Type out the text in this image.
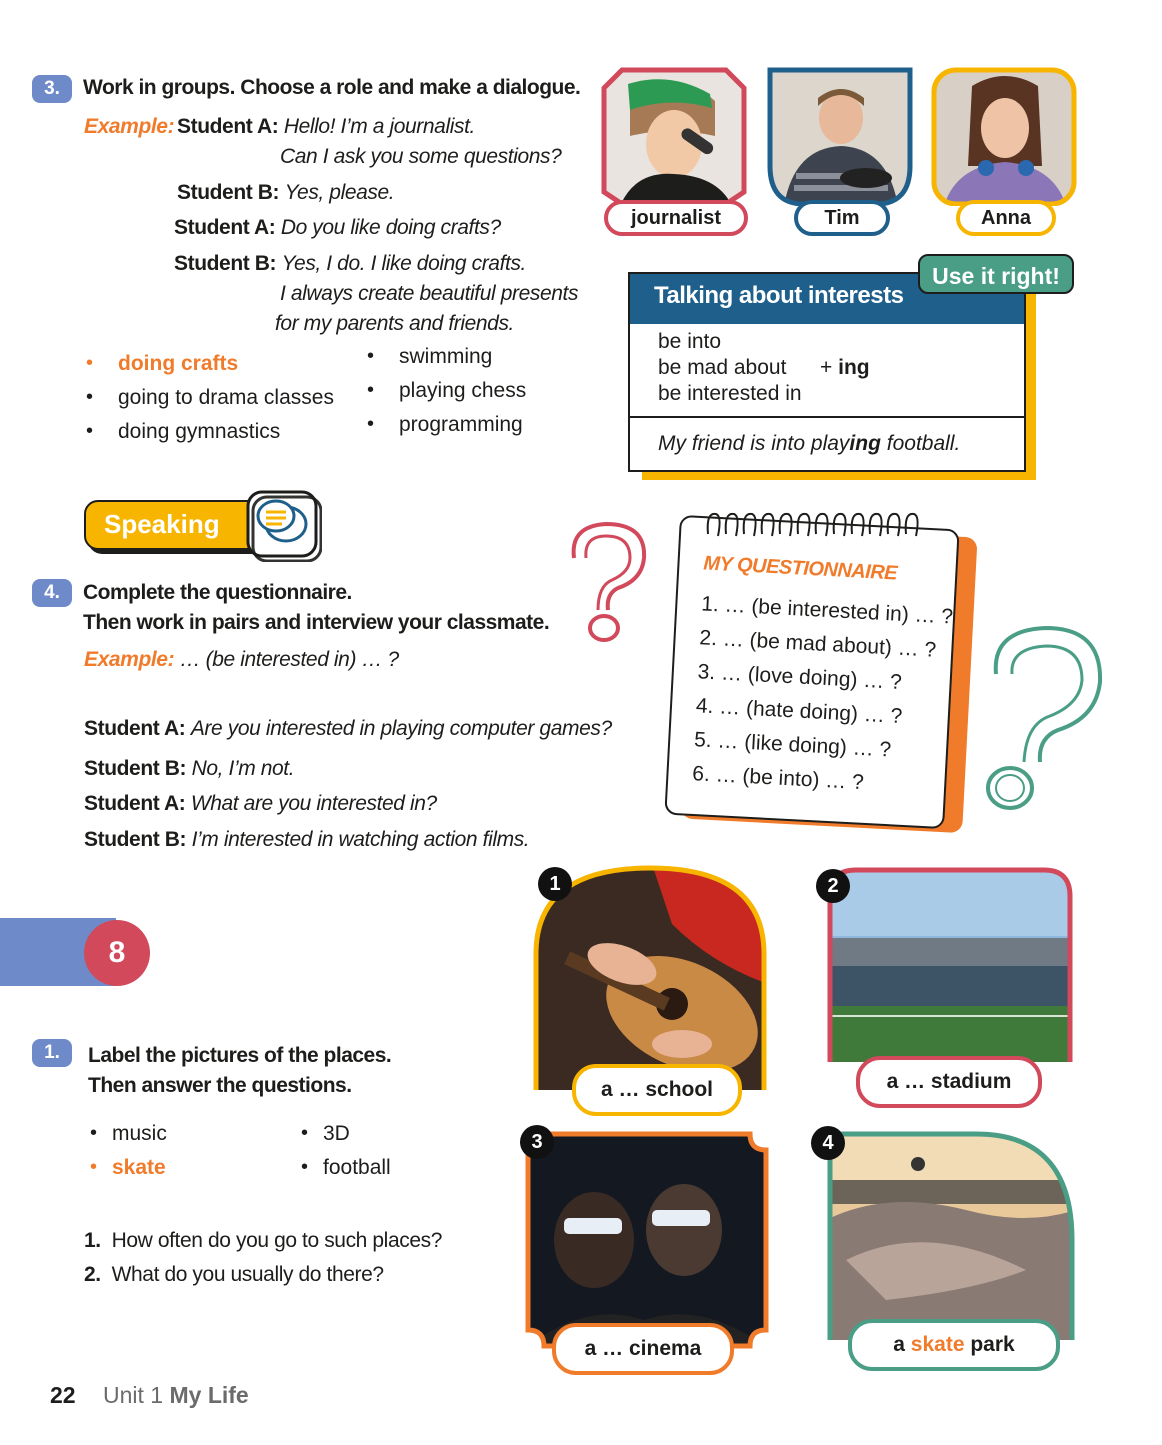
3.	Work in groups. Choose a role and make a dialogue.
Example: Student A: Hello! I’m a journalist.
Can I ask you some questions?
Student B: Yes, please.
Student A: Do you like doing crafts?
Student B: Yes, I do. I like doing crafts.
I always create beautiful presents
for my parents and friends.
• doing crafts
• going to drama classes
• doing gymnastics
• swimming
• playing chess
• programming
journalist	Tim	Anna
Talking about interests
be into
be mad about
be interested in
+ ing
My friend is into playing football.
Use it right!
Speaking
4.	Complete the questionnaire.
Then work in pairs and interview your classmate.
Example: … (be interested in) … ?
Student A: Are you interested in playing computer games?
Student B: No, I’m not.
Student A: What are you interested in?
Student B: I’m interested in watching action films.
MY QUESTIONNAIRE
1. … (be interested in) … ?
2. … (be mad about) … ?
3. … (love doing) … ?
4. … (hate doing) … ?
5. … (like doing) … ?
6. … (be into) … ?
8
1.	Label the pictures of the places.
Then answer the questions.
• music
• skate
• 3D
• football
1. How often do you go to such places?
2. What do you usually do there?
1
a … school
2
a … stadium
3
a … cinema
4
a skate park
22 Unit 1 My Life
